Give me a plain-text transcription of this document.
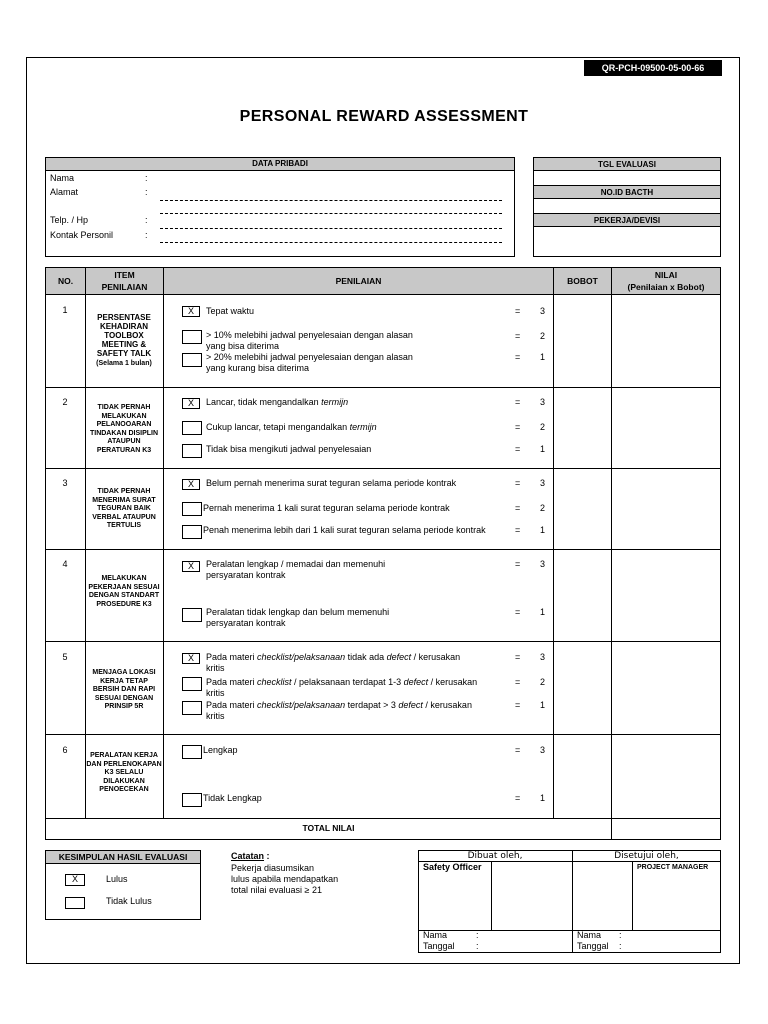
QR-PCH-09500-05-00-66
PERSONAL REWARD ASSESSMENT
DATA PRIBADI
Nama	:
Alamat	:
Telp. / Hp	:
Kontak Personil	:
TGL EVALUASI
NO.ID BACTH
PEKERJA/DEVISI
NO.
ITEM
PENILAIAN
PENILAIAN	BOBOT
NILAI
(Penilaian x Bobot)
1
PERSENTASE KEHADIRAN TOOLBOX MEETING & SAFETY TALK
(Selama 1 bulan)
X	Tepat waktu	= 3
> 10% melebihi jadwal penyelesaian dengan alasan
yang bisa diterima
= 2
> 20% melebihi jadwal penyelesaian dengan alasan
yang kurang bisa diterima
= 1
2
TIDAK PERNAH MELAKUKAN PELANOOARAN TINDAKAN DISIPLIN ATAUPUN PERATURAN K3
X	Lancar, tidak mengandalkan termijn	= 3
Cukup lancar, tetapi mengandalkan termijn	= 2
Tidak bisa mengikuti jadwal penyelesaian	= 1
3
TIDAK PERNAH MENERIMA SURAT TEGURAN BAIK VERBAL ATAUPUN TERTULIS
X	Belum pernah menerima surat teguran selama periode kontrak	= 3
Pernah menerima 1 kali surat teguran selama periode kontrak	= 2
Penah menerima lebih dari 1 kali surat teguran selama periode kontrak	= 1
4
MELAKUKAN PEKERJAAN SESUAI DENGAN STANDART PROSEDURE K3
X	Peralatan lengkap / memadai dan memenuhi
persyaratan kontrak
= 3
Peralatan tidak lengkap dan belum memenuhi
persyaratan kontrak
= 1
5
MENJAGA LOKASI KERJA TETAP BERSIH DAN RAPI SESUAI DENGAN PRINSIP 5R
X	Pada materi checklist/pelaksanaan tidak ada defect / kerusakan
kritis
= 3
Pada materi checklist / pelaksanaan terdapat 1-3 defect / kerusakan
kritis
= 2
Pada materi checklist/pelaksanaan terdapat > 3 defect / kerusakan
kritis
= 1
6
PERALATAN KERJA DAN PERLENOKAPAN K3 SELALU DILAKUKAN PENOECEKAN
Lengkap	= 3
Tidak Lengkap	= 1
TOTAL NILAI
KESIMPULAN HASIL EVALUASI
X	Lulus
Tidak Lulus
Catatan :
Pekerja diasumsikan
lulus apabila mendapatkan
total nilai evaluasi ≥ 21
Dibuat oleh,	Disetujui oleh,
Safety Officer	PROJECT MANAGER
Nama	:
Tanggal :
Nama :
Tanggal :
